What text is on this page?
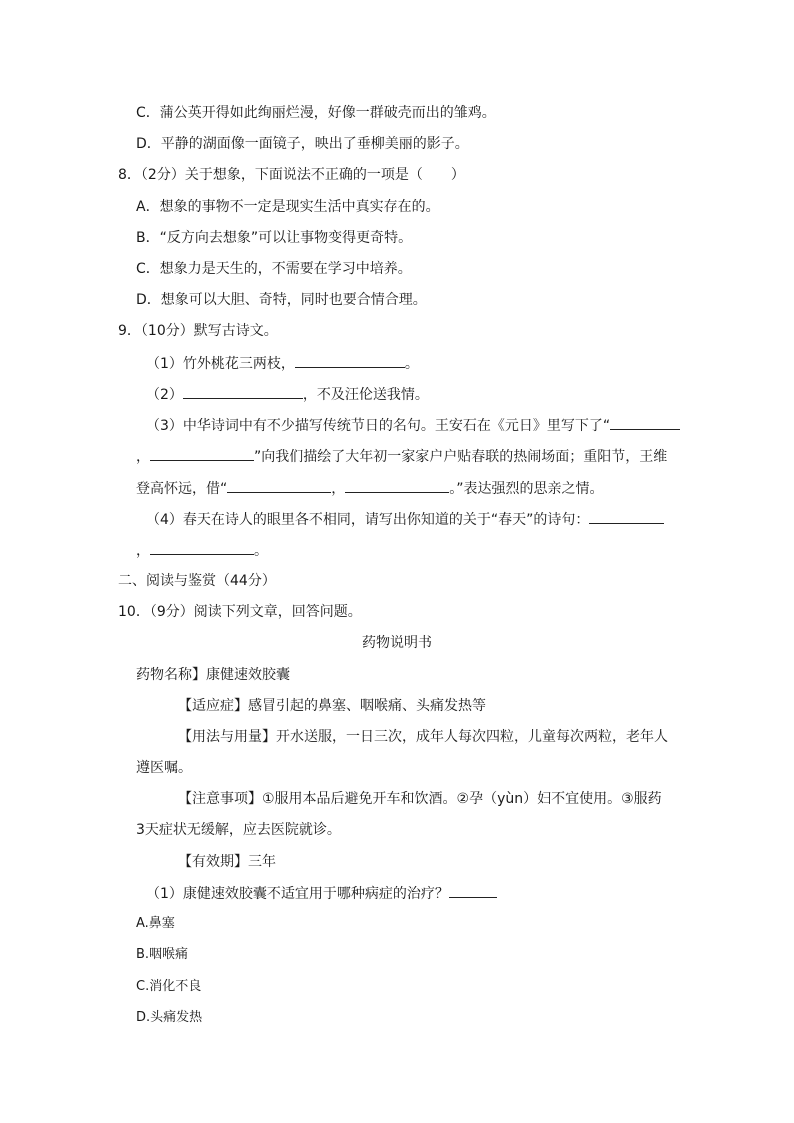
C．蒲公英开得如此绚丽烂漫，好像一群破壳而出的雏鸡。
D．平静的湖面像一面镜子，映出了垂柳美丽的影子。
8．（2分）关于想象，下面说法不正确的一项是（　　）
A．想象的事物不一定是现实生活中真实存在的。
B．“反方向去想象”可以让事物变得更奇特。
C．想象力是天生的，不需要在学习中培养。
D．想象可以大胆、奇特，同时也要合情合理。
9．（10分）默写古诗文。
（1）竹外桃花三两枝，	。
（2）	，不及汪伦送我情。
（3）中华诗词中有不少描写传统节日的名句。王安石在《元日》里写下了“
，	”向我们描绘了大年初一家家户户贴春联的热闹场面；重阳节，王维
登高怀远，借“	，	。”表达强烈的思亲之情。
（4）春天在诗人的眼里各不相同，请写出你知道的关于“春天”的诗句：
，	。
二、阅读与鉴赏（44分）
10．（9分）阅读下列文章，回答问题。
药物说明书
药物名称】康健速效胶囊
【适应症】感冒引起的鼻塞、咽喉痛、头痛发热等
【用法与用量】开水送服，一日三次，成年人每次四粒，儿童每次两粒，老年人
遵医嘱。
【注意事项】①服用本品后避免开车和饮酒。②孕（yùn）妇不宜使用。③服药
3天症状无缓解，应去医院就诊。
【有效期】三年
（1）康健速效胶囊不适宜用于哪种病症的治疗？
A.鼻塞
B.咽喉痛
C.消化不良
D.头痛发热
